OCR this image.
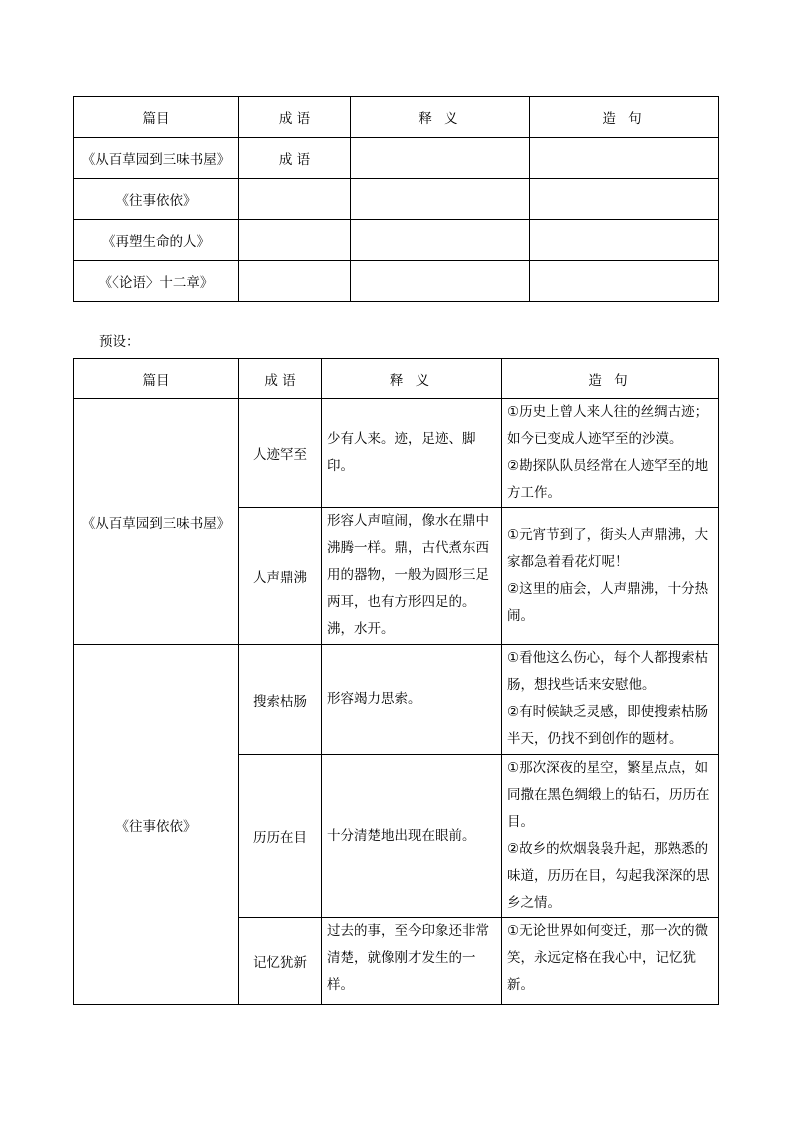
篇目	成 语	释 义	造 句
《从百草园到三味书屋》	成 语		
《往事依依》			
《再塑生命的人》			
《〈论语〉十二章》			
预设：
篇目	成 语	释 义	造 句
《从百草园到三味书屋》	人迹罕至	少有人来。迹，足迹、脚印。	①历史上曾人来人往的丝绸古迹；如今已变成人迹罕至的沙漠。
②勘探队队员经常在人迹罕至的地方工作。

	人声鼎沸	形容人声喧闹，像水在鼎中沸腾一样。鼎，古代煮东西用的器物，一般为圆形三足两耳，也有方形四足的。沸，水开。	①元宵节到了，街头人声鼎沸，大家都急着看花灯呢！
②这里的庙会，人声鼎沸，十分热闹。

《往事依依》	搜索枯肠	形容竭力思索。	①看他这么伤心，每个人都搜索枯肠，想找些话来安慰他。
②有时候缺乏灵感，即使搜索枯肠半天，仍找不到创作的题材。

	历历在目	十分清楚地出现在眼前。	①那次深夜的星空，繁星点点，如同撒在黑色绸缎上的钻石，历历在目。
②故乡的炊烟袅袅升起，那熟悉的味道，历历在目，勾起我深深的思乡之情。

	记忆犹新	过去的事，至今印象还非常清楚，就像刚才发生的一样。	①无论世界如何变迁，那一次的微笑，永远定格在我心中，记忆犹新。
